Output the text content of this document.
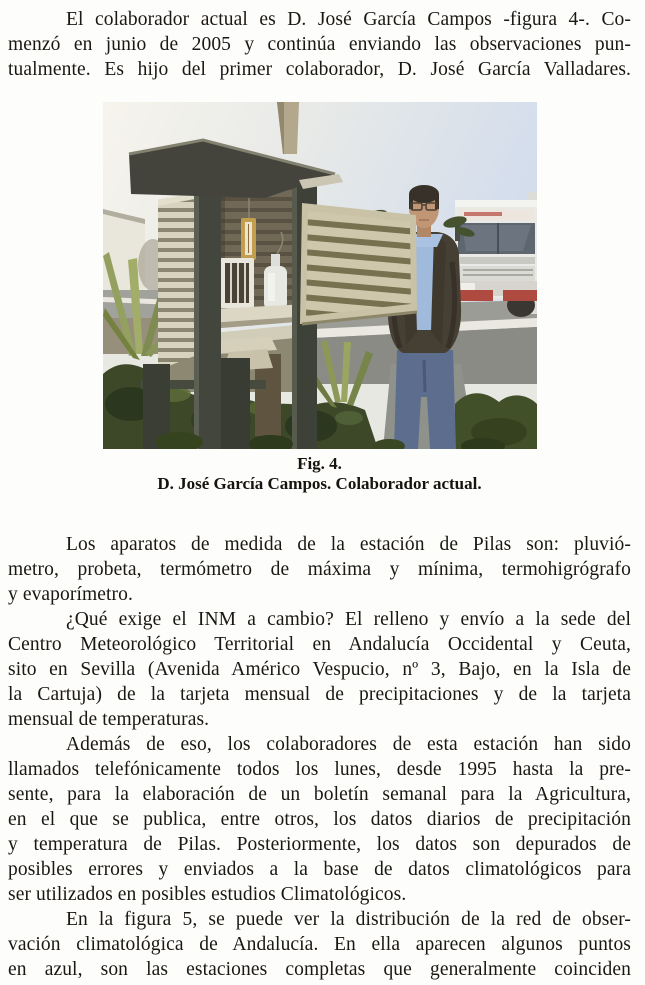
El colaborador actual es D. José García Campos -figura 4-. Co-
menzó en junio de 2005 y continúa enviando las observaciones pun-
tualmente. Es hijo del primer colaborador, D. José García Valladares.

Fig. 4.
D. José García Campos. Colaborador actual.

Los aparatos de medida de la estación de Pilas son: pluvió-
metro, probeta, termómetro de máxima y mínima, termohigrógrafo
y evaporímetro.

¿Qué exige el INM a cambio? El relleno y envío a la sede del
Centro Meteorológico Territorial en Andalucía Occidental y Ceuta,
sito en Sevilla (Avenida Américo Vespucio, nº 3, Bajo, en la Isla de
la Cartuja) de la tarjeta mensual de precipitaciones y de la tarjeta
mensual de temperaturas.

Además de eso, los colaboradores de esta estación han sido
llamados telefónicamente todos los lunes, desde 1995 hasta la pre-
sente, para la elaboración de un boletín semanal para la Agricultura,
en el que se publica, entre otros, los datos diarios de precipitación
y temperatura de Pilas. Posteriormente, los datos son depurados de
posibles errores y enviados a la base de datos climatológicos para
ser utilizados en posibles estudios Climatológicos.

En la figura 5, se puede ver la distribución de la red de obser-
vación climatológica de Andalucía. En ella aparecen algunos puntos
en azul, son las estaciones completas que generalmente coinciden
